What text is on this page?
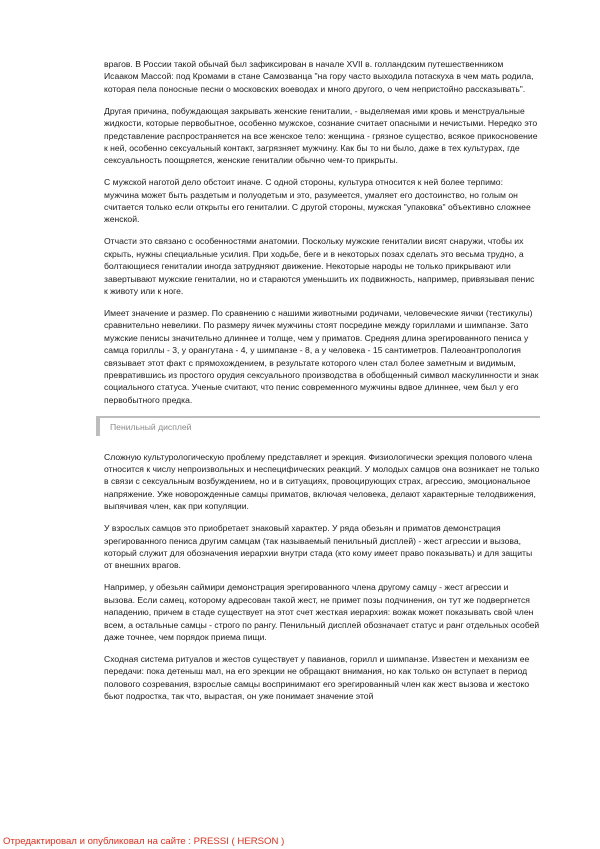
врагов. В России такой обычай был зафиксирован в начале XVII в. голландским путешественником Исааком Массой: под Кромами в стане Самозванца "на гору часто выходила потаскуха в чем мать родила, которая пела поносные песни о московских воеводах и много другого, о чем непристойно рассказывать".

Другая причина, побуждающая закрывать женские гениталии, - выделяемая ими кровь и менструальные жидкости, которые первобытное, особенно мужское, сознание считает опасными и нечистыми. Нередко это представление распространяется на все женское тело: женщина - грязное существо, всякое прикосновение к ней, особенно сексуальный контакт, загрязняет мужчину. Как бы то ни было, даже в тех культурах, где сексуальность поощряется, женские гениталии обычно чем-то прикрыты.

С мужской наготой дело обстоит иначе. С одной стороны, культура относится к ней более терпимо: мужчина может быть раздетым и полуодетым и это, разумеется, умаляет его достоинство, но голым он считается только если открыты его гениталии. С другой стороны, мужская "упаковка" объективно сложнее женской.

Отчасти это связано с особенностями анатомии. Поскольку мужские гениталии висят снаружи, чтобы их скрыть, нужны специальные усилия. При ходьбе, беге и в некоторых позах сделать это весьма трудно, а болтающиеся гениталии иногда затрудняют движение. Некоторые народы не только прикрывают или завертывают мужские гениталии, но и стараются уменьшить их подвижность, например, привязывая пенис к животу или к ноге.

Имеет значение и размер. По сравнению с нашими животными родичами, человеческие яички (тестикулы) сравнительно невелики. По размеру яичек мужчины стоят посредине между гориллами и шимпанзе. Зато мужские пенисы значительно длиннее и толще, чем у приматов. Средняя длина эрегированного пениса у самца гориллы - 3, у орангутана - 4, у шимпанзе - 8, а у человека - 15 сантиметров. Палеоантропология связывает этот факт с прямохождением, в результате которого член стал более заметным и видимым, превратившись из простого орудия сексуального производства в обобщенный символ маскулинности и знак социального статуса. Ученые считают, что пенис современного мужчины вдвое длиннее, чем был у его первобытного предка.

Пенильный дисплей

Сложную культурологическую проблему представляет и эрекция. Физиологически эрекция полового члена относится к числу непроизвольных и неспецифических реакций. У молодых самцов она возникает не только в связи с сексуальным возбуждением, но и в ситуациях, провоцирующих страх, агрессию, эмоциональное напряжение. Уже новорожденные самцы приматов, включая человека, делают характерные телодвижения, выпячивая член, как при копуляции.

У взрослых самцов это приобретает знаковый характер. У ряда обезьян и приматов демонстрация эрегированного пениса другим самцам (так называемый пенильный дисплей) - жест агрессии и вызова, который служит для обозначения иерархии внутри стада (кто кому имеет право показывать) и для защиты от внешних врагов.

Например, у обезьян саймири демонстрация эрегированного члена другому самцу - жест агрессии и вызова. Если самец, которому адресован такой жест, не примет позы подчинения, он тут же подвергнется нападению, причем в стаде существует на этот счет жесткая иерархия: вожак может показывать свой член всем, а остальные самцы - строго по рангу. Пенильный дисплей обозначает статус и ранг отдельных особей даже точнее, чем порядок приема пищи.

Сходная система ритуалов и жестов существует у павианов, горилл и шимпанзе. Известен и механизм ее передачи: пока детеныш мал, на его эрекции не обращают внимания, но как только он вступает в период полового созревания, взрослые самцы воспринимают его эрегированный член как жест вызова и жестоко бьют подростка, так что, вырастая, он уже понимает значение этой

Отредактировал и опубликовал на сайте : PRESSI ( HERSON )
